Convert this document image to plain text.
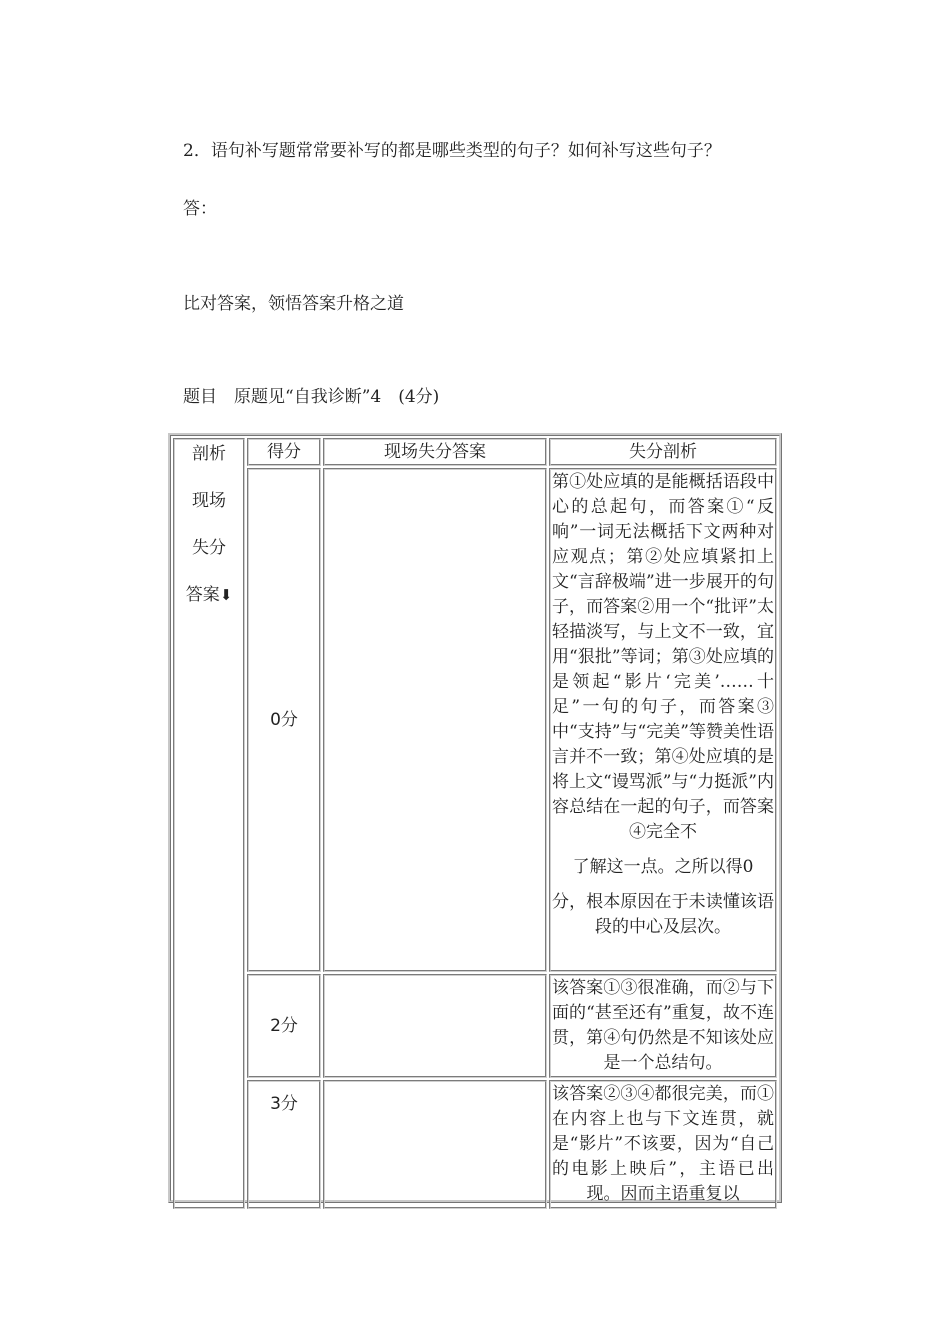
2．语句补写题常常要补写的都是哪些类型的句子？如何补写这些句子？

答：

比对答案，领悟答案升格之道

题目　原题见“自我诊断”4　(4分)

剖析
现场
失分
答案⬇	得分	现场失分答案	失分剖析
	0分		第①处应填的是能概括语段中心的总起句，而答案①“反响”一词无法概括下文两种对应观点；第②处应填紧扣上文“言辞极端”进一步展开的句子，而答案②用一个“批评”太轻描淡写，与上文不一致，宜用“狠批”等词；第③处应填的是领起“影片‘完美’……十足”一句的句子，而答案③中“支持”与“完美”等赞美性语言并不一致；第④处应填的是将上文“谩骂派”与“力挺派”内容总结在一起的句子，而答案④完全不

了解这一点。之所以得0

分，根本原因在于未读懂该语段的中心及层次。

	2分		该答案①③很准确，而②与下面的“甚至还有”重复，故不连贯，第④句仍然是不知该处应是一个总结句。

	3分		该答案②③④都很完美，而①在内容上也与下文连贯，就是“影片”不该要，因为“自己的电影上映后”，主语已出现。因而主语重复以
